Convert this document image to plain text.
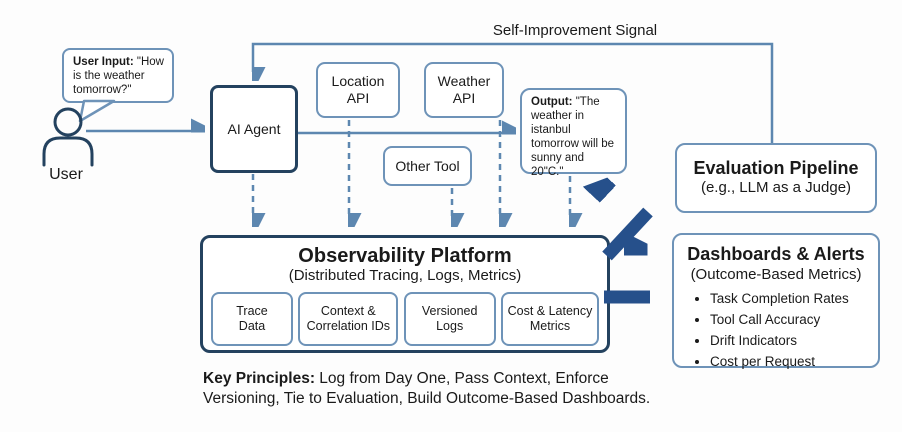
User Input: "How is the weather tomorrow?"
User
AI Agent
Location API
Weather API
Other Tool
Output: "The weather in istanbul tomorrow will be sunny and 20"C."
Self-Improvement Signal
Evaluation Pipeline
(e.g., LLM as a Judge)
Dashboards & Alerts
(Outcome-Based Metrics)
• Task Completion Rates
• Tool Call Accuracy
• Drift Indicators
• Cost per Request
Observability Platform
(Distributed Tracing, Logs, Metrics)
Trace Data
Context & Correlation IDs
Versioned Logs
Cost & Latency Metrics
Key Principles: Log from Day One, Pass Context, Enforce Versioning, Tie to Evaluation, Build Outcome-Based Dashboards.
